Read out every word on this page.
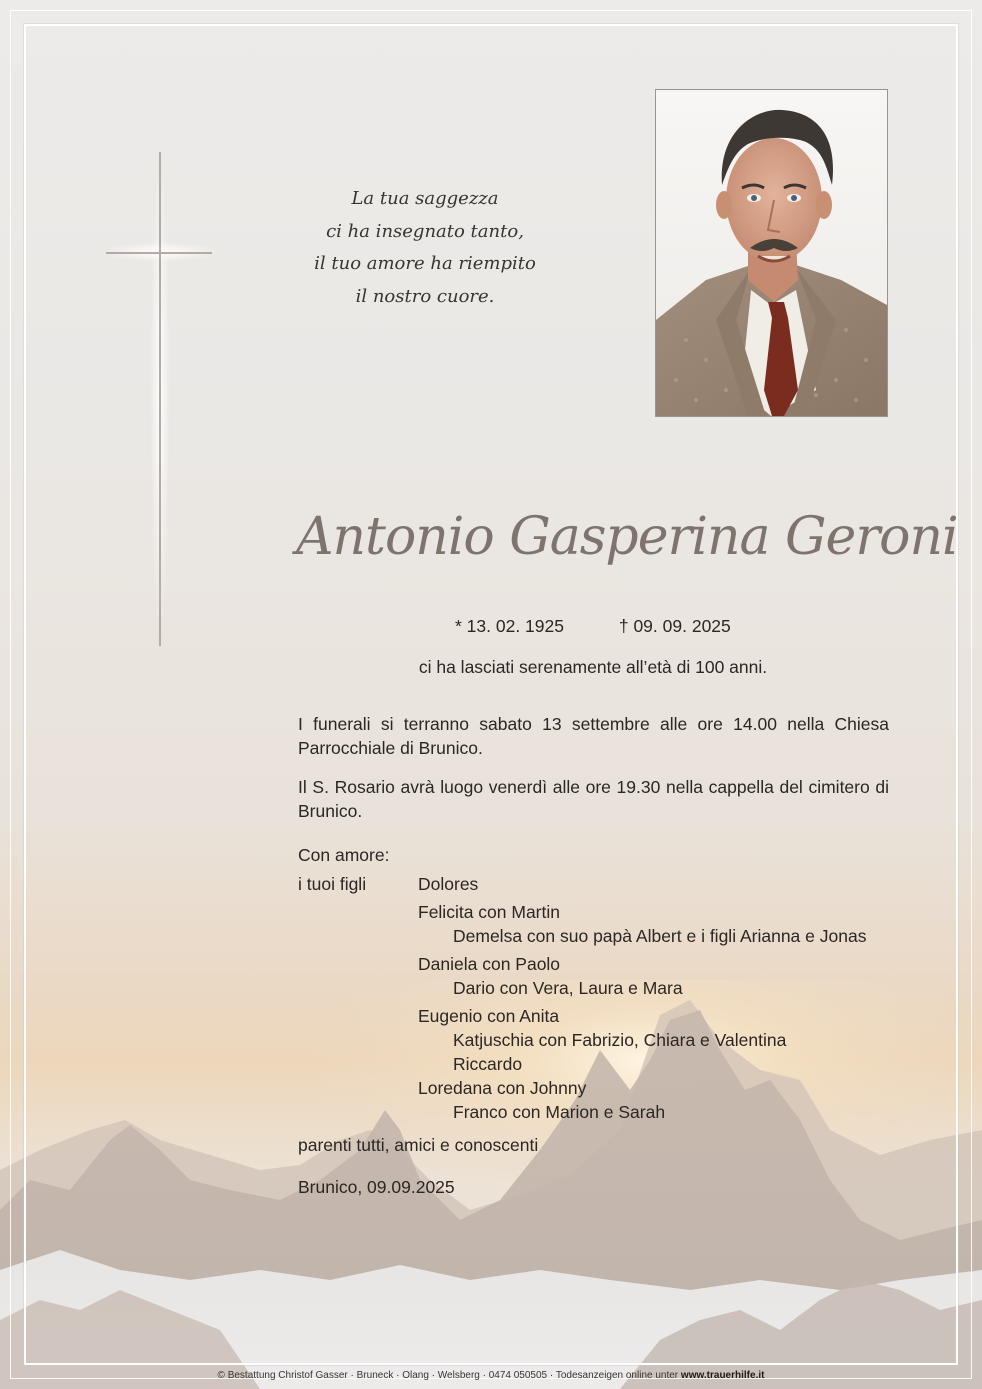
La tua saggezza
ci ha insegnato tanto,
il tuo amore ha riempito
il nostro cuore.
Antonio Gasperina Geroni
* 13. 02. 1925	† 09. 09. 2025
ci ha lasciati serenamente all’età di 100 anni.
I funerali si terranno sabato 13 settembre alle ore 14.00 nella Chiesa Parrocchiale di Brunico.
Il S. Rosario avrà luogo venerdì alle ore 19.30 nella cappella del cimitero di Brunico.
Con amore:
i tuoi figli	Dolores
Felicita con Martin
Demelsa con suo papà Albert e i figli Arianna e Jonas
Daniela con Paolo
Dario con Vera, Laura e Mara
Eugenio con Anita
Katjuschia con Fabrizio, Chiara e Valentina
Riccardo
Loredana con Johnny
Franco con Marion e Sarah
parenti tutti, amici e conoscenti
Brunico, 09.09.2025
© Bestattung Christof Gasser · Bruneck · Olang · Welsberg · 0474 050505 · Todesanzeigen online unter www.trauerhilfe.it
